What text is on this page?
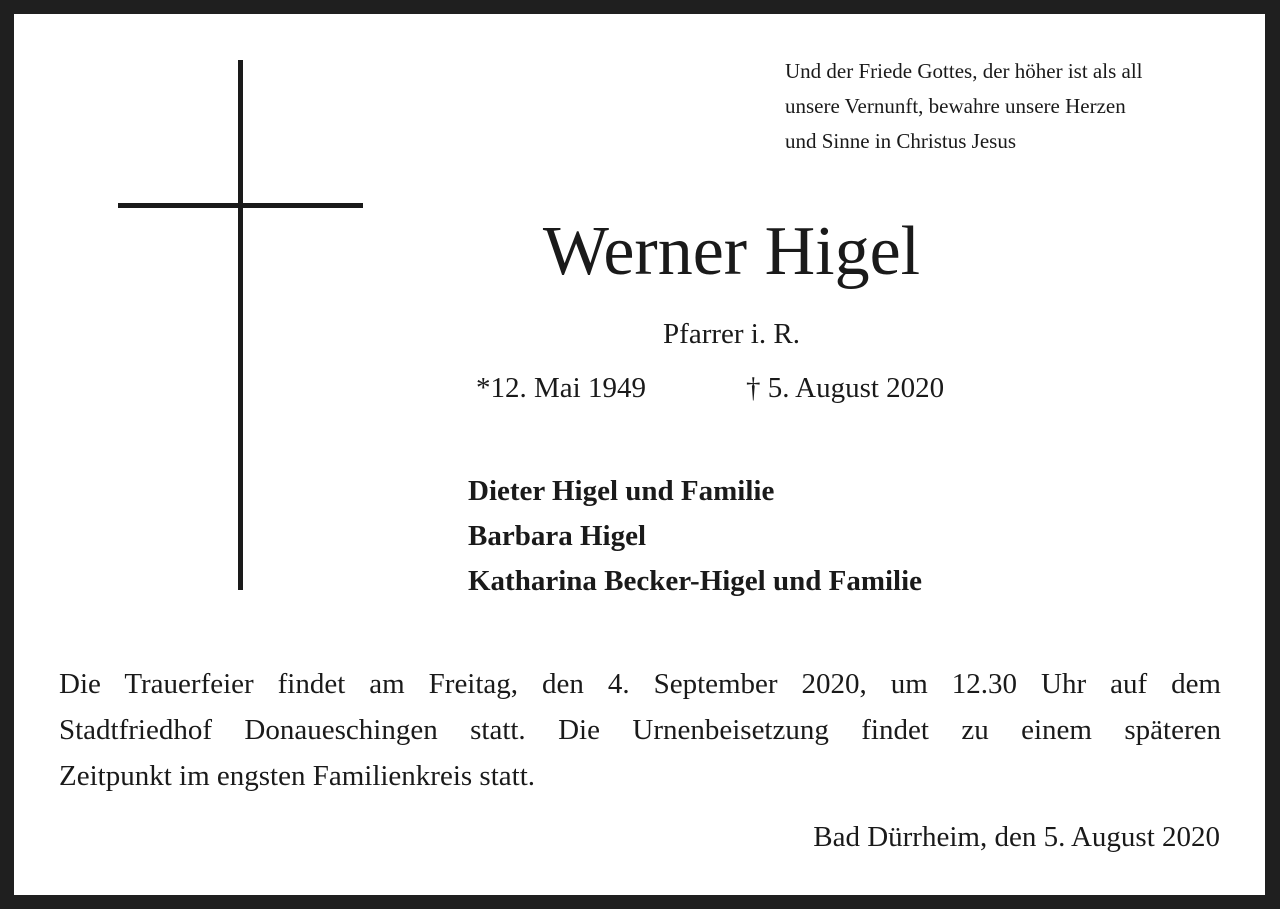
Und der Friede Gottes, der höher ist als all
unsere Vernunft, bewahre unsere Herzen
und Sinne in Christus Jesus
Werner Higel
Pfarrer i. R.
*12. Mai 1949	† 5. August 2020
Dieter Higel und Familie
Barbara Higel
Katharina Becker-Higel und Familie
Die Trauerfeier findet am Freitag, den 4. September 2020, um 12.30 Uhr auf dem
Stadtfriedhof Donaueschingen statt. Die Urnenbeisetzung findet zu einem späteren
Zeitpunkt im engsten Familienkreis statt.
Bad Dürrheim, den 5. August 2020
